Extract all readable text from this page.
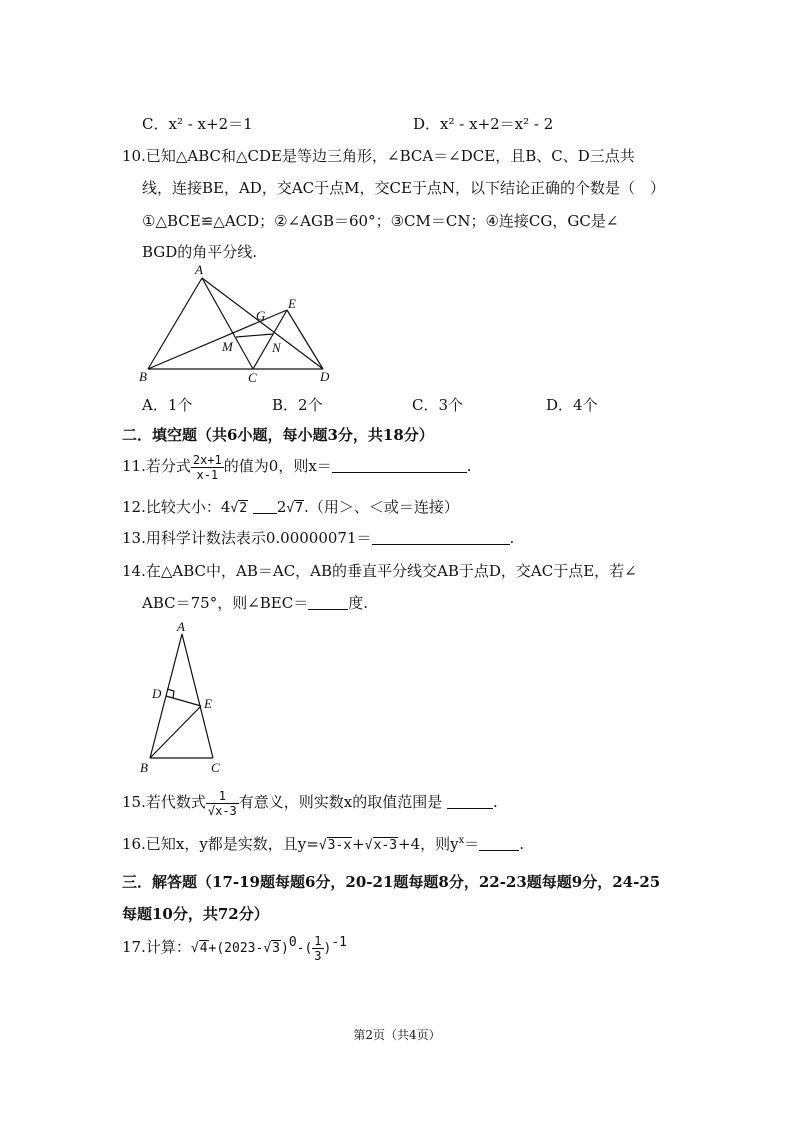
C．x² - x+2＝1	D．x² - x+2＝x² - 2
10.已知△ABC和△CDE是等边三角形，∠BCA＝∠DCE，且B、C、D三点共
线，连接BE，AD，交AC于点M，交CE于点N，以下结论正确的个数是（　）
①△BCE≌△ACD；②∠AGB＝60°；③CM＝CN；④连接CG，GC是∠
BGD的角平分线.
A
G
E
M	N
B	C	D
A．1个	B．2个	C．3个	D．4个
二．填空题（共6小题，每小题3分，共18分）
11.若分式 $\frac{2x+1}{x-1}$ 的值为0，则x＝	.
12.比较大小：4√2 2√7.（用＞、＜或＝连接）
13.用科学计数法表示0.00000071＝	.
14.在△ABC中，AB＝AC，AB的垂直平分线交AB于点D，交AC于点E，若∠
ABC＝75°，则∠BEC＝	度.
A
D
E
B	C
15.若代数式 $\frac{1}{√x-3}$ 有意义，则实数x的取值范围是	.
16.已知x，y都是实数，且y=√3-x+√x-3+4，则$y^x=$	.
三．解答题（17-19题每题6分，20-21题每题8分，22-23题每题9分，24-25
每题10分，共72分）
17.计算：$√4+(2023-√3)^0-( \frac{1}{3} )^{-1}$
第2页（共4页）
